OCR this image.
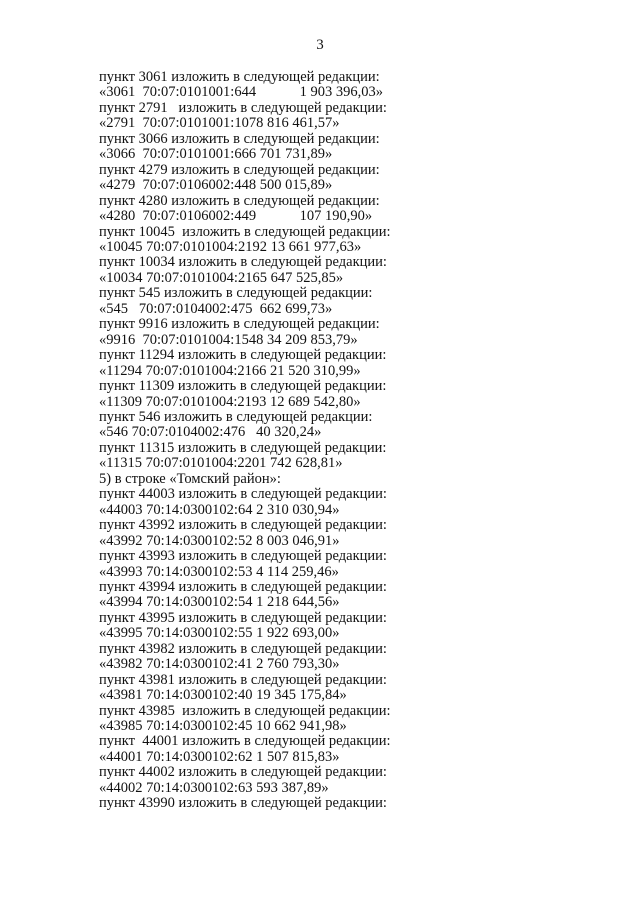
3

пункт 3061 изложить в следующей редакции:

«3061  70:07:0101001:644            1 903 396,03»

пункт 2791   изложить в следующей редакции:

«2791  70:07:0101001:1078 816 461,57»

пункт 3066 изложить в следующей редакции:

«3066  70:07:0101001:666 701 731,89»

пункт 4279 изложить в следующей редакции:

«4279  70:07:0106002:448 500 015,89»

пункт 4280 изложить в следующей редакции:

«4280  70:07:0106002:449            107 190,90»

пункт 10045  изложить в следующей редакции:

«10045 70:07:0101004:2192 13 661 977,63»

пункт 10034 изложить в следующей редакции:

«10034 70:07:0101004:2165 647 525,85»

пункт 545 изложить в следующей редакции:

«545   70:07:0104002:475  662 699,73»

пункт 9916 изложить в следующей редакции:

«9916  70:07:0101004:1548 34 209 853,79»

пункт 11294 изложить в следующей редакции:

«11294 70:07:0101004:2166 21 520 310,99»

пункт 11309 изложить в следующей редакции:

«11309 70:07:0101004:2193 12 689 542,80»

пункт 546 изложить в следующей редакции:

«546 70:07:0104002:476   40 320,24»

пункт 11315 изложить в следующей редакции:

«11315 70:07:0101004:2201 742 628,81»

5) в строке «Томский район»:

пункт 44003 изложить в следующей редакции:

«44003 70:14:0300102:64 2 310 030,94»

пункт 43992 изложить в следующей редакции:

«43992 70:14:0300102:52 8 003 046,91»

пункт 43993 изложить в следующей редакции:

«43993 70:14:0300102:53 4 114 259,46»

пункт 43994 изложить в следующей редакции:

«43994 70:14:0300102:54 1 218 644,56»

пункт 43995 изложить в следующей редакции:

«43995 70:14:0300102:55 1 922 693,00»

пункт 43982 изложить в следующей редакции:

«43982 70:14:0300102:41 2 760 793,30»

пункт 43981 изложить в следующей редакции:

«43981 70:14:0300102:40 19 345 175,84»

пункт 43985  изложить в следующей редакции:

«43985 70:14:0300102:45 10 662 941,98»

пункт  44001 изложить в следующей редакции:

«44001 70:14:0300102:62 1 507 815,83»

пункт 44002 изложить в следующей редакции:

«44002 70:14:0300102:63 593 387,89»

пункт 43990 изложить в следующей редакции:
